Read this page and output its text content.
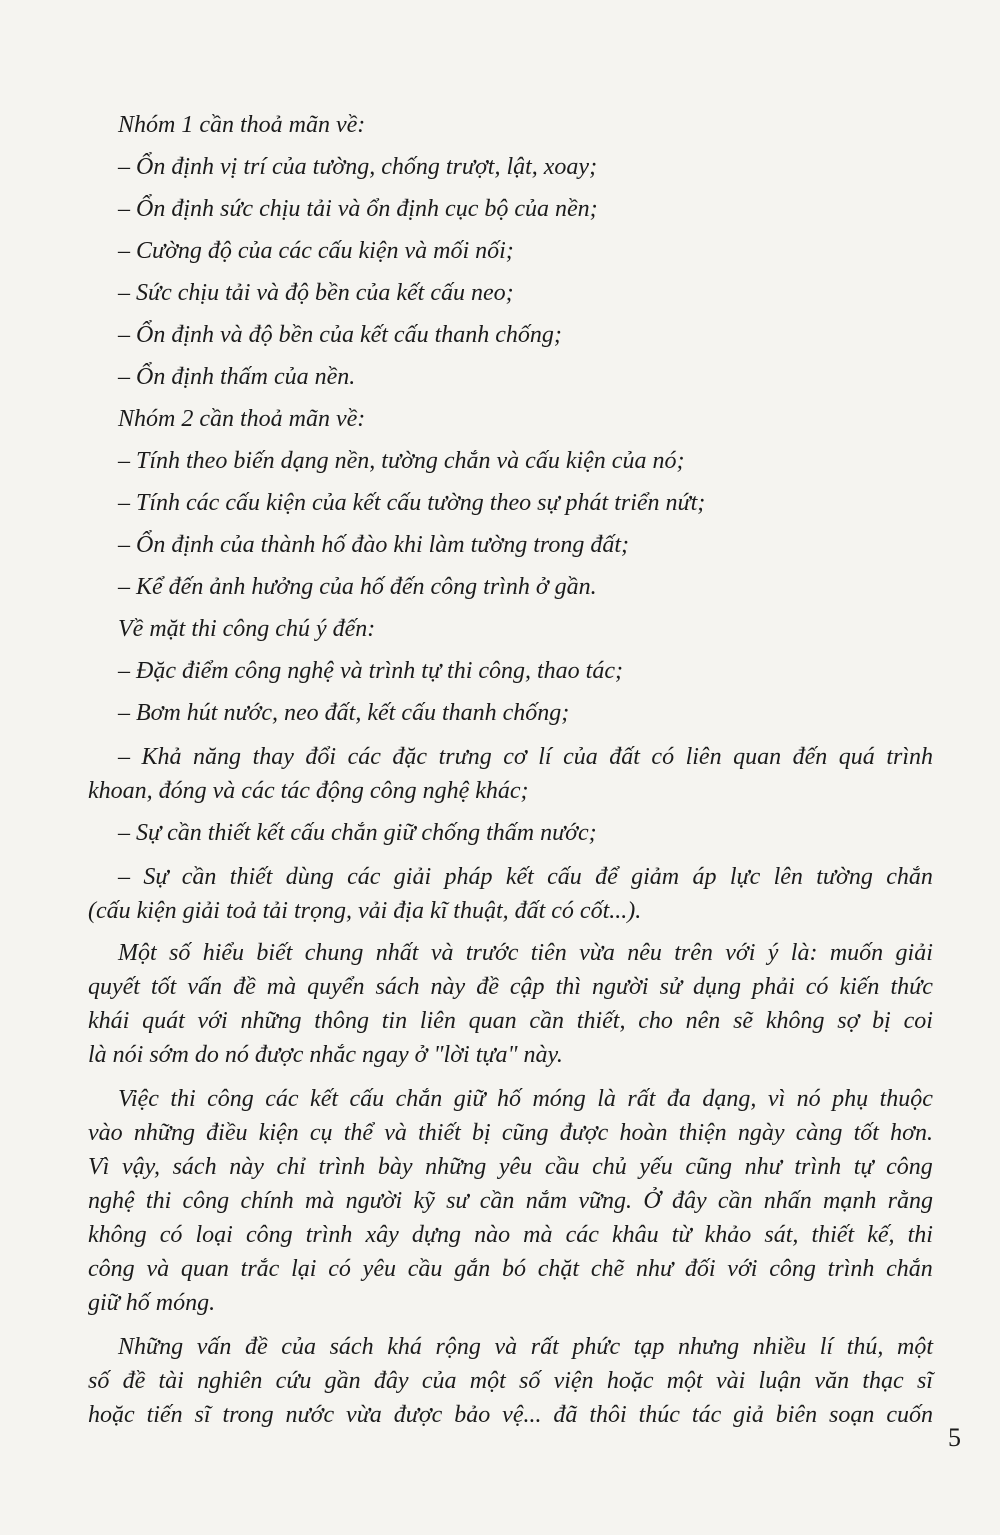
Nhóm 1 cần thoả mãn về:
– Ổn định vị trí của tường, chống trượt, lật, xoay;
– Ổn định sức chịu tải và ổn định cục bộ của nền;
– Cường độ của các cấu kiện và mối nối;
– Sức chịu tải và độ bền của kết cấu neo;
– Ổn định và độ bền của kết cấu thanh chống;
– Ổn định thấm của nền.
Nhóm 2 cần thoả mãn về:
– Tính theo biến dạng nền, tường chắn và cấu kiện của nó;
– Tính các cấu kiện của kết cấu tường theo sự phát triển nứt;
– Ổn định của thành hố đào khi làm tường trong đất;
– Kể đến ảnh hưởng của hố đến công trình ở gần.
Về mặt thi công chú ý đến:
– Đặc điểm công nghệ và trình tự thi công, thao tác;
– Bơm hút nước, neo đất, kết cấu thanh chống;
– Khả năng thay đổi các đặc trưng cơ lí của đất có liên quan đến quá trình
khoan, đóng và các tác động công nghệ khác;
– Sự cần thiết kết cấu chắn giữ chống thấm nước;
– Sự cần thiết dùng các giải pháp kết cấu để giảm áp lực lên tường chắn
(cấu kiện giải toả tải trọng, vải địa kĩ thuật, đất có cốt...).
Một số hiểu biết chung nhất và trước tiên vừa nêu trên với ý là: muốn giải
quyết tốt vấn đề mà quyển sách này đề cập thì người sử dụng phải có kiến thức
khái quát với những thông tin liên quan cần thiết, cho nên sẽ không sợ bị coi
là nói sớm do nó được nhắc ngay ở "lời tựa" này.
Việc thi công các kết cấu chắn giữ hố móng là rất đa dạng, vì nó phụ thuộc
vào những điều kiện cụ thể và thiết bị cũng được hoàn thiện ngày càng tốt hơn.
Vì vậy, sách này chỉ trình bày những yêu cầu chủ yếu cũng như trình tự công
nghệ thi công chính mà người kỹ sư cần nắm vững. Ở đây cần nhấn mạnh rằng
không có loại công trình xây dựng nào mà các khâu từ khảo sát, thiết kế, thi
công và quan trắc lại có yêu cầu gắn bó chặt chẽ như đối với công trình chắn
giữ hố móng.
Những vấn đề của sách khá rộng và rất phức tạp nhưng nhiều lí thú, một
số đề tài nghiên cứu gần đây của một số viện hoặc một vài luận văn thạc sĩ
hoặc tiến sĩ trong nước vừa được bảo vệ... đã thôi thúc tác giả biên soạn cuốn
5
